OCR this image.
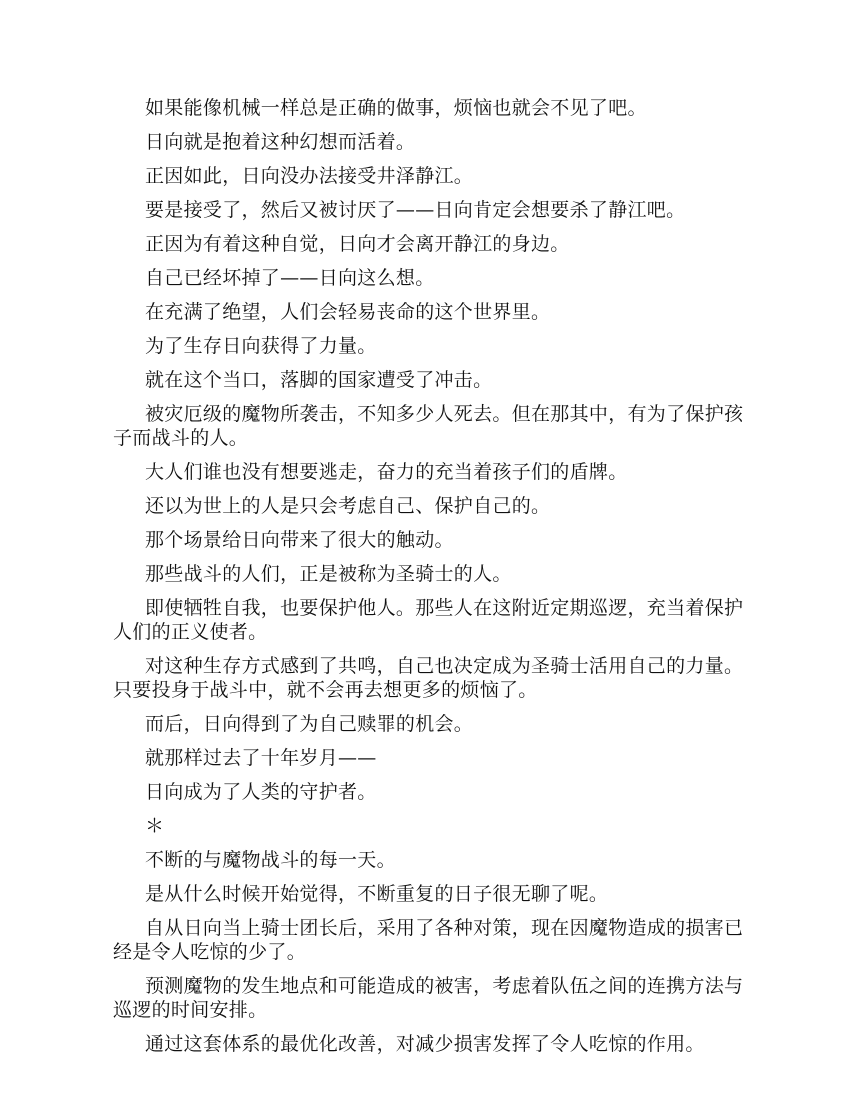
如果能像机械一样总是正确的做事，烦恼也就会不见了吧。

日向就是抱着这种幻想而活着。

正因如此，日向没办法接受井泽静江。

要是接受了，然后又被讨厌了——日向肯定会想要杀了静江吧。

正因为有着这种自觉，日向才会离开静江的身边。

自己已经坏掉了——日向这么想。

在充满了绝望，人们会轻易丧命的这个世界里。

为了生存日向获得了力量。

就在这个当口，落脚的国家遭受了冲击。

被灾厄级的魔物所袭击，不知多少人死去。但在那其中，有为了保护孩子而战斗的人。

大人们谁也没有想要逃走，奋力的充当着孩子们的盾牌。

还以为世上的人是只会考虑自己、保护自己的。

那个场景给日向带来了很大的触动。

那些战斗的人们，正是被称为圣骑士的人。

即使牺牲自我，也要保护他人。那些人在这附近定期巡逻，充当着保护人们的正义使者。

对这种生存方式感到了共鸣，自己也决定成为圣骑士活用自己的力量。只要投身于战斗中，就不会再去想更多的烦恼了。

而后，日向得到了为自己赎罪的机会。

就那样过去了十年岁月——

日向成为了人类的守护者。

＊

不断的与魔物战斗的每一天。

是从什么时候开始觉得，不断重复的日子很无聊了呢。

自从日向当上骑士团长后，采用了各种对策，现在因魔物造成的损害已经是令人吃惊的少了。

预测魔物的发生地点和可能造成的被害，考虑着队伍之间的连携方法与巡逻的时间安排。

通过这套体系的最优化改善，对减少损害发挥了令人吃惊的作用。
